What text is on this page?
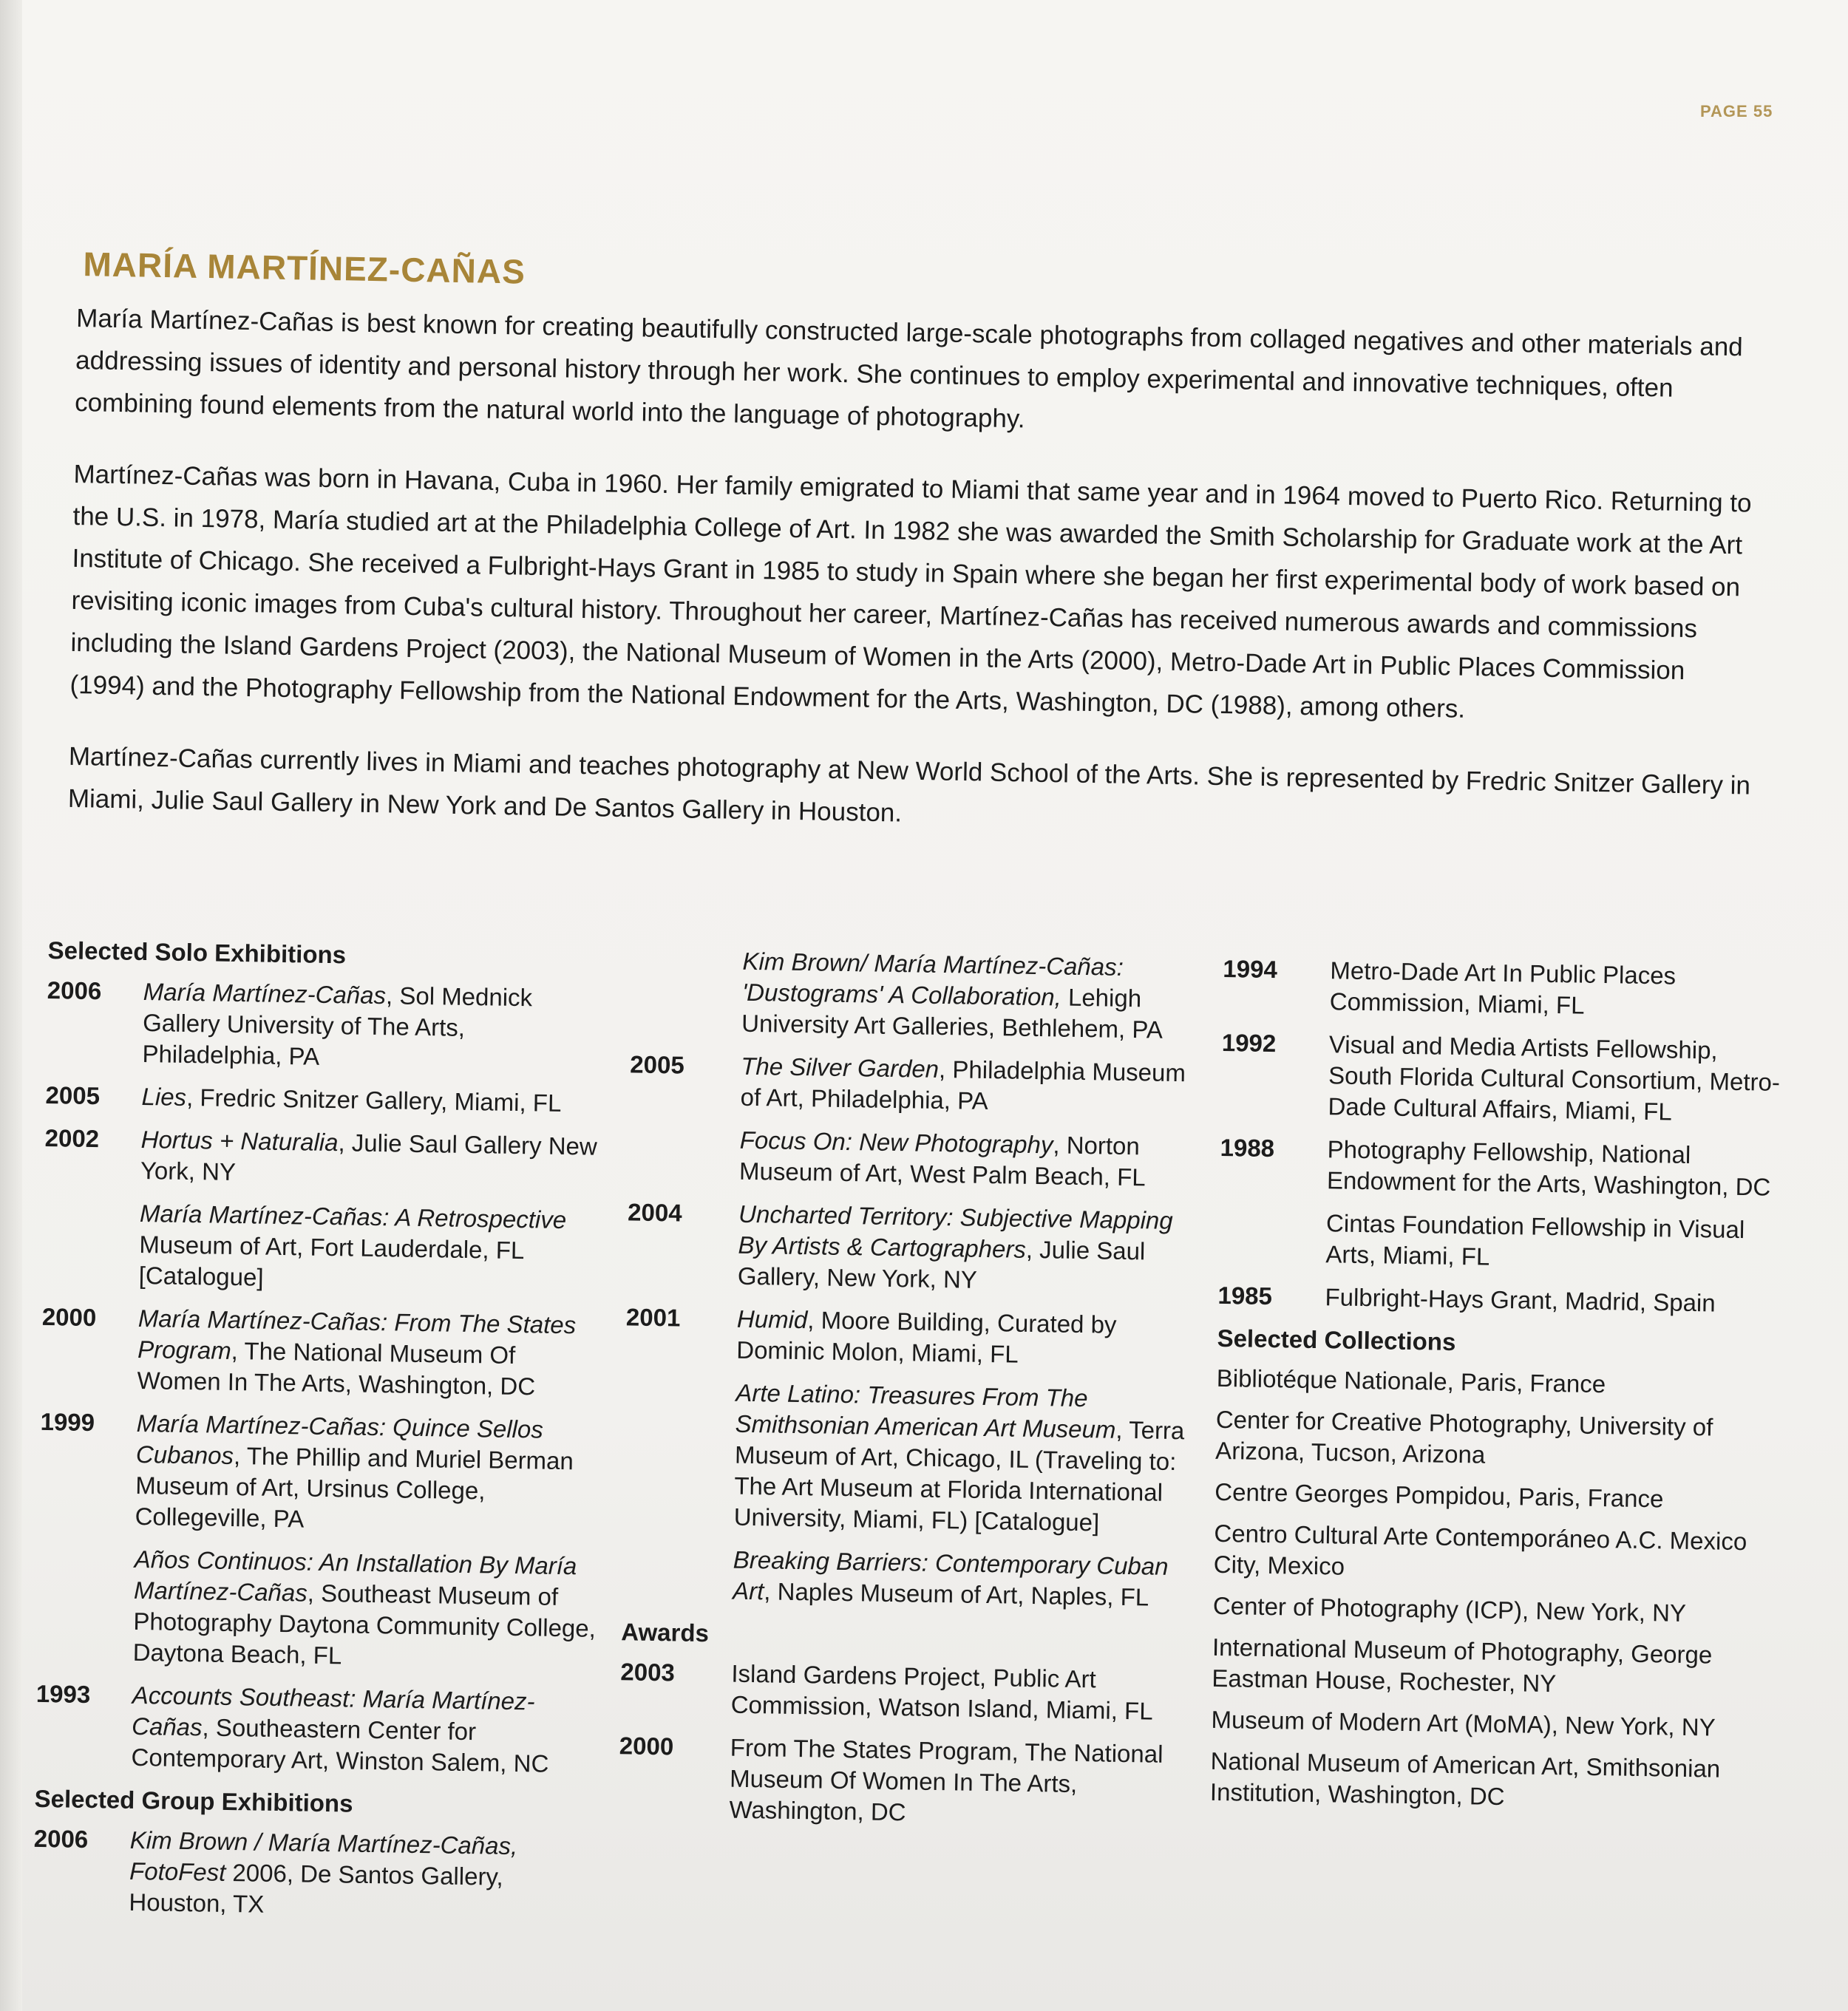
PAGE 55
MARÍA MARTÍNEZ-CAÑAS

María Martínez-Cañas is best known for creating beautifully constructed large-scale photographs from collaged negatives and other materials and addressing issues of identity and personal history through her work. She continues to employ experimental and innovative techniques, often combining found elements from the natural world into the language of photography.

Martínez-Cañas was born in Havana, Cuba in 1960. Her family emigrated to Miami that same year and in 1964 moved to Puerto Rico. Returning to the U.S. in 1978, María studied art at the Philadelphia College of Art. In 1982 she was awarded the Smith Scholarship for Graduate work at the Art Institute of Chicago. She received a Fulbright-Hays Grant in 1985 to study in Spain where she began her first experimental body of work based on revisiting iconic images from Cuba's cultural history. Throughout her career, Martínez-Cañas has received numerous awards and commissions including the Island Gardens Project (2003), the National Museum of Women in the Arts (2000), Metro-Dade Art in Public Places Commission (1994) and the Photography Fellowship from the National Endowment for the Arts, Washington, DC (1988), among others.

Martínez-Cañas currently lives in Miami and teaches photography at New World School of the Arts. She is represented by Fredric Snitzer Gallery in Miami, Julie Saul Gallery in New York and De Santos Gallery in Houston.

Selected Solo Exhibitions
2006	María Martínez-Cañas, Sol Mednick Gallery University of The Arts, Philadelphia, PA
2005	Lies, Fredric Snitzer Gallery, Miami, FL
2002	Hortus + Naturalia, Julie Saul Gallery New York, NY
María Martínez-Cañas: A Retrospective Museum of Art, Fort Lauderdale, FL [Catalogue]
2000	María Martínez-Cañas: From The States Program, The National Museum Of Women In The Arts, Washington, DC
1999	María Martínez-Cañas: Quince Sellos Cubanos, The Phillip and Muriel Berman Museum of Art, Ursinus College, Collegeville, PA
Años Continuos: An Installation By María Martínez-Cañas, Southeast Museum of Photography Daytona Community College, Daytona Beach, FL
1993	Accounts Southeast: María Martínez-Cañas, Southeastern Center for Contemporary Art, Winston Salem, NC
Selected Group Exhibitions
2006	Kim Brown / María Martínez-Cañas, FotoFest 2006, De Santos Gallery, Houston, TX
Kim Brown/ María Martínez-Cañas: 'Dustograms' A Collaboration, Lehigh University Art Galleries, Bethlehem, PA
2005	The Silver Garden, Philadelphia Museum of Art, Philadelphia, PA
Focus On: New Photography, Norton Museum of Art, West Palm Beach, FL
2004	Uncharted Territory: Subjective Mapping By Artists & Cartographers, Julie Saul Gallery, New York, NY
2001	Humid, Moore Building, Curated by Dominic Molon, Miami, FL
Arte Latino: Treasures From The Smithsonian American Art Museum, Terra Museum of Art, Chicago, IL (Traveling to: The Art Museum at Florida International University, Miami, FL) [Catalogue]
Breaking Barriers: Contemporary Cuban Art, Naples Museum of Art, Naples, FL
Awards
2003	Island Gardens Project, Public Art Commission, Watson Island, Miami, FL
2000	From The States Program, The National Museum Of Women In The Arts, Washington, DC
1994	Metro-Dade Art In Public Places Commission, Miami, FL
1992	Visual and Media Artists Fellowship, South Florida Cultural Consortium, Metro-Dade Cultural Affairs, Miami, FL
1988	Photography Fellowship, National Endowment for the Arts, Washington, DC
Cintas Foundation Fellowship in Visual Arts, Miami, FL
1985	Fulbright-Hays Grant, Madrid, Spain
Selected Collections
Bibliotéque Nationale, Paris, France
Center for Creative Photography, University of Arizona, Tucson, Arizona
Centre Georges Pompidou, Paris, France
Centro Cultural Arte Contemporáneo A.C. Mexico City, Mexico
Center of Photography (ICP), New York, NY
International Museum of Photography, George Eastman House, Rochester, NY
Museum of Modern Art (MoMA), New York, NY
National Museum of American Art, Smithsonian Institution, Washington, DC
